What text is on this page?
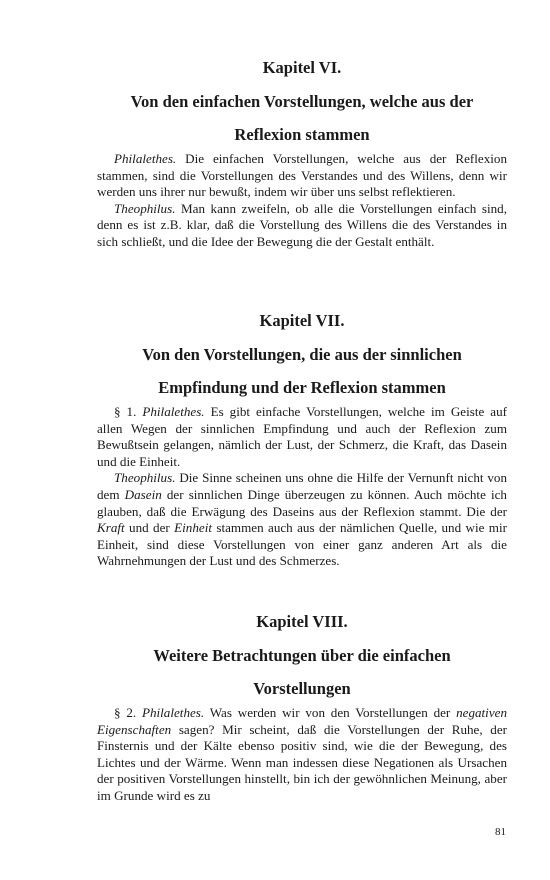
Kapitel VI.
Von den einfachen Vorstellungen, welche aus der
Reflexion stammen

Philalethes. Die einfachen Vorstellungen, welche aus der Reflexion stammen, sind die Vorstellungen des Verstandes und des Willens, denn wir werden uns ihrer nur bewußt, indem wir über uns selbst reflektieren.

Theophilus. Man kann zweifeln, ob alle die Vorstellungen einfach sind, denn es ist z.B. klar, daß die Vorstellung des Willens die des Verstandes in sich schließt, und die Idee der Bewegung die der Gestalt enthält.

Kapitel VII.
Von den Vorstellungen, die aus der sinnlichen
Empfindung und der Reflexion stammen

§ 1. Philalethes. Es gibt einfache Vorstellungen, welche im Geiste auf allen Wegen der sinnlichen Empfindung und auch der Reflexion zum Bewußtsein gelangen, nämlich der Lust, der Schmerz, die Kraft, das Dasein und die Einheit.

Theophilus. Die Sinne scheinen uns ohne die Hilfe der Vernunft nicht von dem Dasein der sinnlichen Dinge überzeugen zu können. Auch möchte ich glauben, daß die Erwägung des Daseins aus der Reflexion stammt. Die der Kraft und der Einheit stammen auch aus der nämlichen Quelle, und wie mir Einheit, sind diese Vorstellungen von einer ganz anderen Art als die Wahrnehmungen der Lust und des Schmerzes.

Kapitel VIII.
Weitere Betrachtungen über die einfachen
Vorstellungen

§ 2. Philalethes. Was werden wir von den Vorstellungen der negativen Eigenschaften sagen? Mir scheint, daß die Vorstellungen der Ruhe, der Finsternis und der Kälte ebenso positiv sind, wie die der Bewegung, des Lichtes und der Wärme. Wenn man indessen diese Negationen als Ursachen der positiven Vorstellungen hinstellt, bin ich der gewöhnlichen Meinung, aber im Grunde wird es zu

81
